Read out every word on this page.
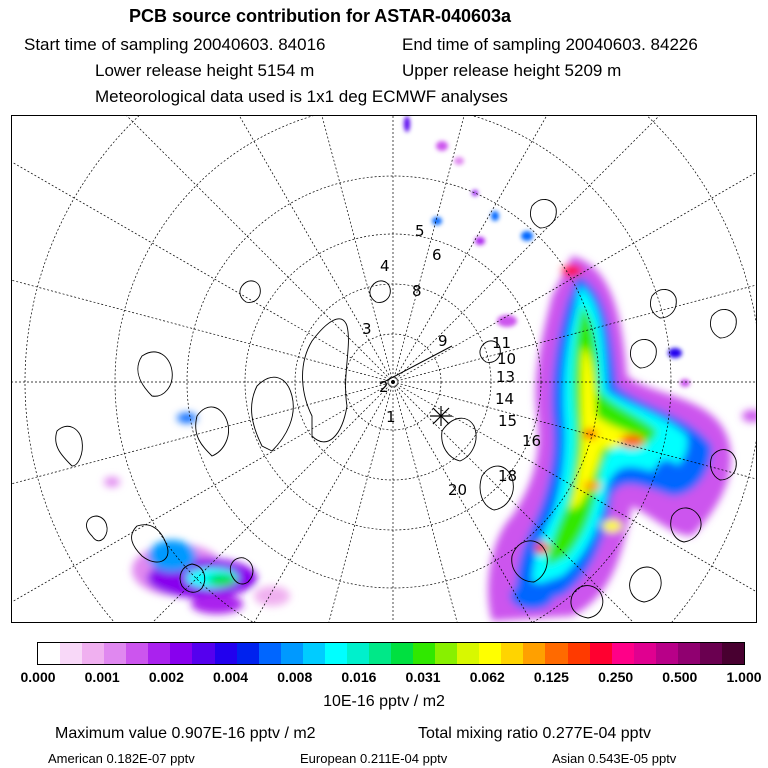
PCB source contribution for ASTAR-040603a
Start time of sampling 20040603. 84016	End time of sampling 20040603. 84226
Lower release height 5154 m	Upper release height 5209 m
Meteorological data used is 1x1 deg ECMWF analyses
2
1
3
4
5
6
8
9
10
11
13
14
15
16
18
20
0.000 0.001 0.002 0.004 0.008 0.016 0.031 0.062 0.125 0.250 0.500 1.000
10E-16 pptv / m2
Maximum value 0.907E-16 pptv / m2	Total mixing ratio 0.277E-04 pptv
American 0.182E-07 pptv	European 0.211E-04 pptv	Asian 0.543E-05 pptv
